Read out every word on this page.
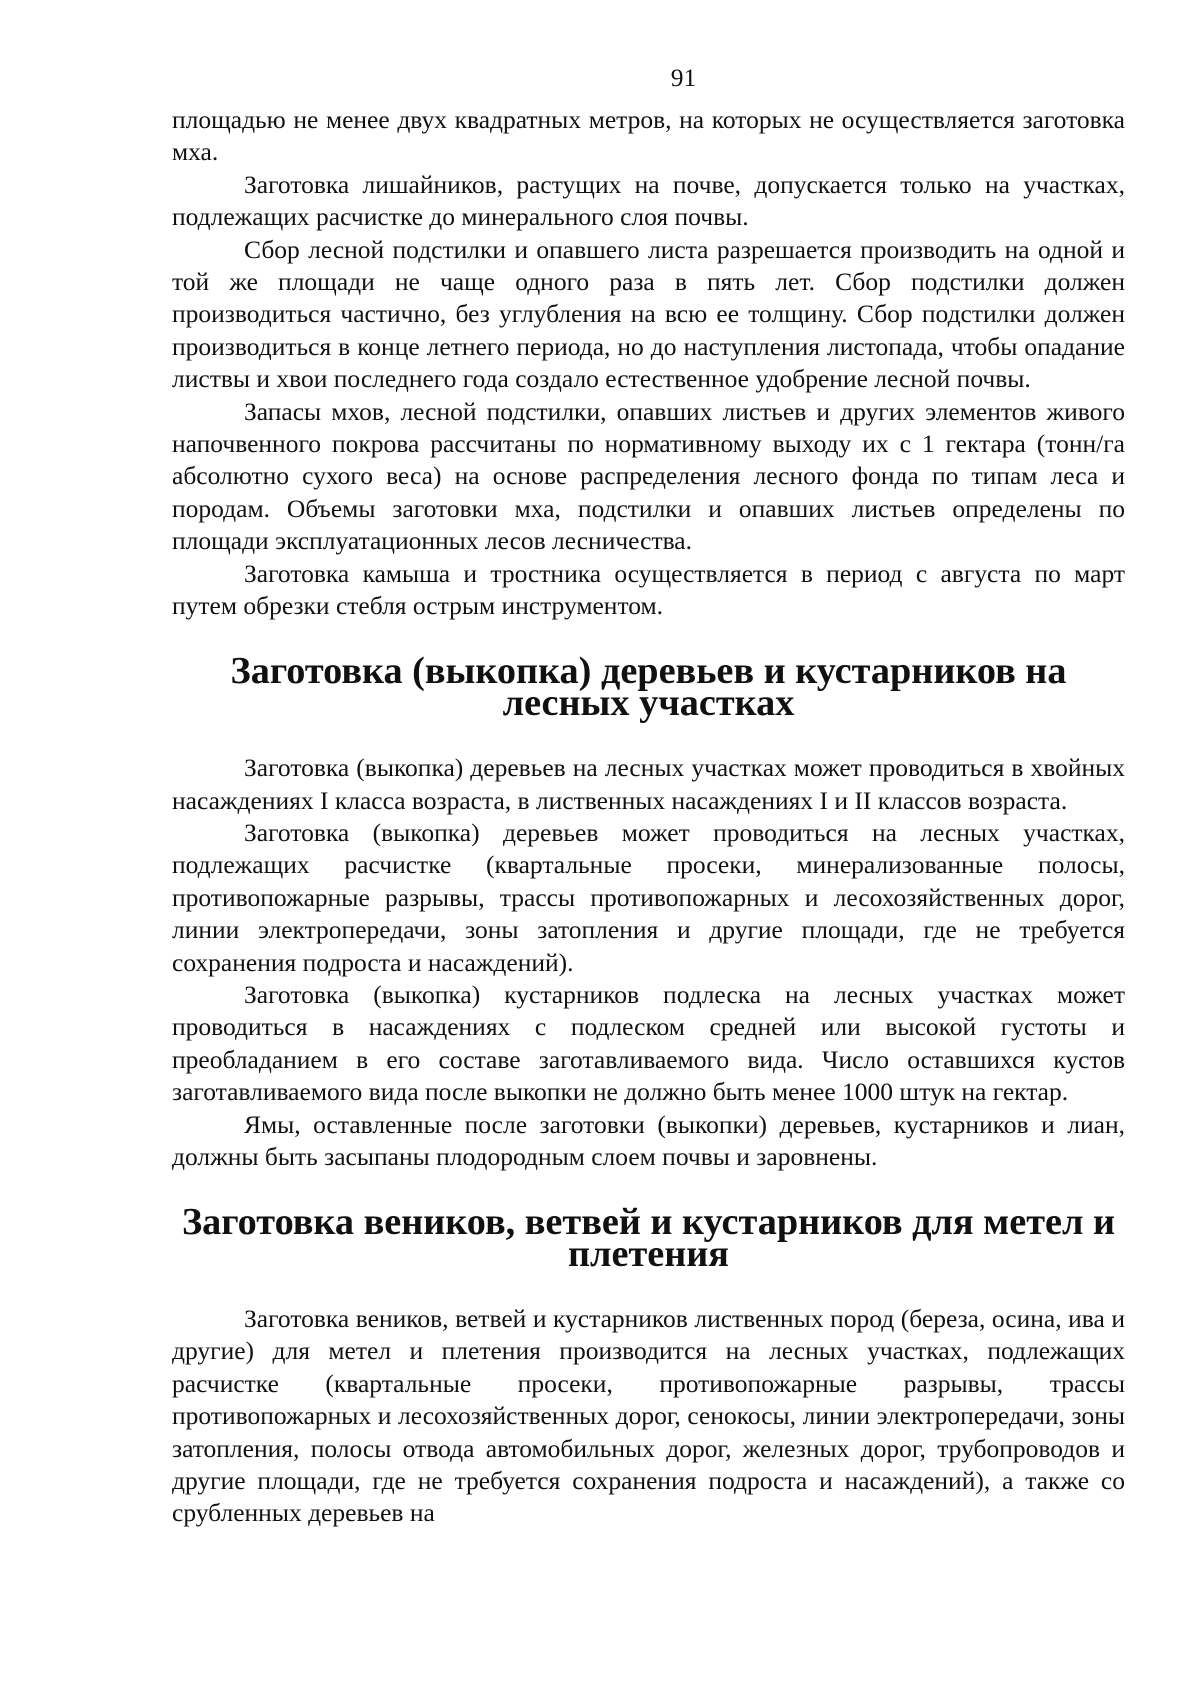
91

площадью не менее двух квадратных метров, на которых не осуществляется заготовка мха.

Заготовка лишайников, растущих на почве, допускается только на участках, подлежащих расчистке до минерального слоя почвы.

Сбор лесной подстилки и опавшего листа разрешается производить на одной и той же площади не чаще одного раза в пять лет. Сбор подстилки должен производиться частично, без углубления на всю ее толщину. Сбор подстилки должен производиться в конце летнего периода, но до наступления листопада, чтобы опадание листвы и хвои последнего года создало естественное удобрение лесной почвы.

Запасы мхов, лесной подстилки, опавших листьев и других элементов живого напочвенного покрова рассчитаны по нормативному выходу их с 1 гектара (тонн/га абсолютно сухого веса) на основе распределения лесного фонда по типам леса и породам. Объемы заготовки мха, подстилки и опавших листьев определены по площади эксплуатационных лесов лесничества.

Заготовка камыша и тростника осуществляется в период с августа по март путем обрезки стебля острым инструментом.

Заготовка (выкопка) деревьев и кустарников на лесных участках

Заготовка (выкопка) деревьев на лесных участках может проводиться в хвойных насаждениях I класса возраста, в лиственных насаждениях I и II классов возраста.

Заготовка (выкопка) деревьев может проводиться на лесных участках, подлежащих расчистке (квартальные просеки, минерализованные полосы, противопожарные разрывы, трассы противопожарных и лесохозяйственных дорог, линии электропередачи, зоны затопления и другие площади, где не требуется сохранения подроста и насаждений).

Заготовка (выкопка) кустарников подлеска на лесных участках может проводиться в насаждениях с подлеском средней или высокой густоты и преобладанием в его составе заготавливаемого вида. Число оставшихся кустов заготавливаемого вида после выкопки не должно быть менее 1000 штук на гектар.

Ямы, оставленные после заготовки (выкопки) деревьев, кустарников и лиан, должны быть засыпаны плодородным слоем почвы и заровнены.

Заготовка веников, ветвей и кустарников для метел и плетения

Заготовка веников, ветвей и кустарников лиственных пород (береза, осина, ива и другие) для метел и плетения производится на лесных участках, подлежащих расчистке (квартальные просеки, противопожарные разрывы, трассы противопожарных и лесохозяйственных дорог, сенокосы, линии электропередачи, зоны затопления, полосы отвода автомобильных дорог, железных дорог, трубопроводов и другие площади, где не требуется сохранения подроста и насаждений), а также со срубленных деревьев на
